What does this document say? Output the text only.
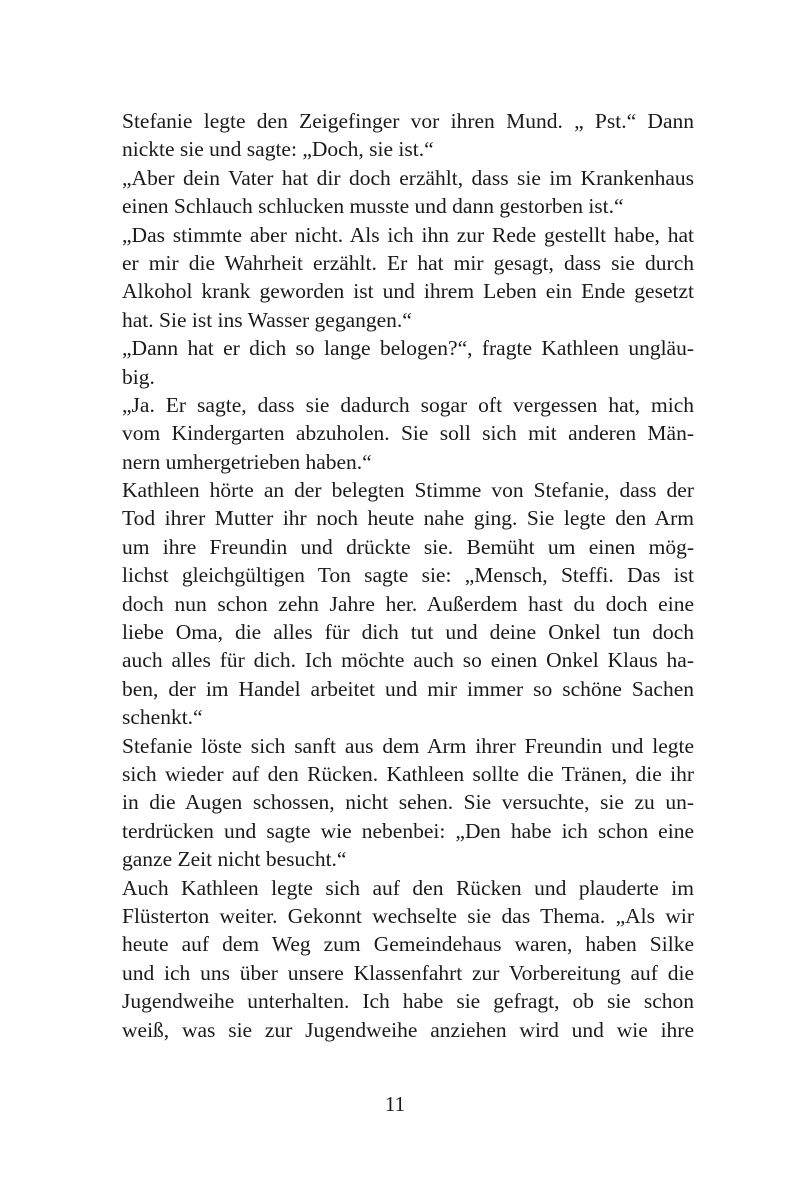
Stefanie legte den Zeigefinger vor ihren Mund. „ Pst.“ Dann
nickte sie und sagte: „Doch, sie ist.“
„Aber dein Vater hat dir doch erzählt, dass sie im Krankenhaus
einen Schlauch schlucken musste und dann gestorben ist.“
„Das stimmte aber nicht. Als ich ihn zur Rede gestellt habe, hat
er mir die Wahrheit erzählt. Er hat mir gesagt, dass sie durch
Alkohol krank geworden ist und ihrem Leben ein Ende gesetzt
hat. Sie ist ins Wasser gegangen.“
„Dann hat er dich so lange belogen?“, fragte Kathleen ungläu-
big.
„Ja. Er sagte, dass sie dadurch sogar oft vergessen hat, mich
vom Kindergarten abzuholen. Sie soll sich mit anderen Män-
nern umhergetrieben haben.“
Kathleen hörte an der belegten Stimme von Stefanie, dass der
Tod ihrer Mutter ihr noch heute nahe ging. Sie legte den Arm
um ihre Freundin und drückte sie. Bemüht um einen mög-
lichst gleichgültigen Ton sagte sie: „Mensch, Steffi. Das ist
doch nun schon zehn Jahre her. Außerdem hast du doch eine
liebe Oma, die alles für dich tut und deine Onkel tun doch
auch alles für dich. Ich möchte auch so einen Onkel Klaus ha-
ben, der im Handel arbeitet und mir immer so schöne Sachen
schenkt.“
Stefanie löste sich sanft aus dem Arm ihrer Freundin und legte
sich wieder auf den Rücken. Kathleen sollte die Tränen, die ihr
in die Augen schossen, nicht sehen. Sie versuchte, sie zu un-
terdrücken und sagte wie nebenbei: „Den habe ich schon eine
ganze Zeit nicht besucht.“
Auch Kathleen legte sich auf den Rücken und plauderte im
Flüsterton weiter. Gekonnt wechselte sie das Thema. „Als wir
heute auf dem Weg zum Gemeindehaus waren, haben Silke
und ich uns über unsere Klassenfahrt zur Vorbereitung auf die
Jugendweihe unterhalten. Ich habe sie gefragt, ob sie schon
weiß, was sie zur Jugendweihe anziehen wird und wie ihre
11
